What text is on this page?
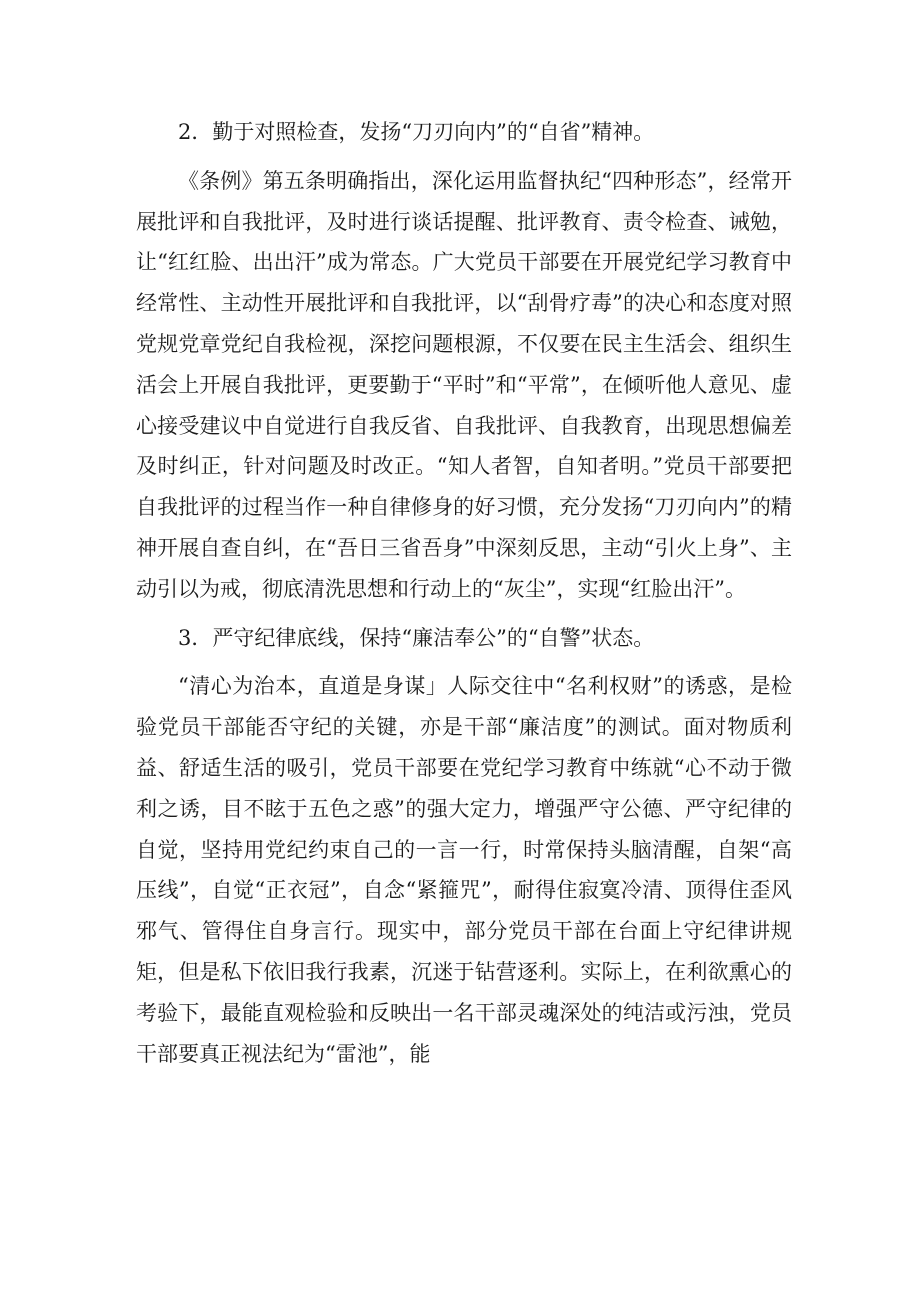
2．勤于对照检查，发扬“刀刃向内”的“自省”精神。

《条例》第五条明确指出，深化运用监督执纪“四种形态”，经常开展批评和自我批评，及时进行谈话提醒、批评教育、责令检查、诫勉，让“红红脸、出出汗”成为常态。广大党员干部要在开展党纪学习教育中经常性、主动性开展批评和自我批评，以“刮骨疗毒”的决心和态度对照党规党章党纪自我检视，深挖问题根源，不仅要在民主生活会、组织生活会上开展自我批评，更要勤于“平时”和“平常”，在倾听他人意见、虚心接受建议中自觉进行自我反省、自我批评、自我教育，出现思想偏差及时纠正，针对问题及时改正。“知人者智，自知者明。”党员干部要把自我批评的过程当作一种自律修身的好习惯，充分发扬“刀刃向内”的精神开展自查自纠，在“吾日三省吾身”中深刻反思，主动“引火上身”、主动引以为戒，彻底清洗思想和行动上的“灰尘”，实现“红脸出汗”。

3．严守纪律底线，保持“廉洁奉公”的“自警”状态。

“清心为治本，直道是身谋」人际交往中“名利权财”的诱惑，是检验党员干部能否守纪的关键，亦是干部“廉洁度”的测试。面对物质利益、舒适生活的吸引，党员干部要在党纪学习教育中练就“心不动于微利之诱，目不眩于五色之惑”的强大定力，增强严守公德、严守纪律的自觉，坚持用党纪约束自己的一言一行，时常保持头脑清醒，自架“高压线”，自觉“正衣冠”，自念“紧箍咒”，耐得住寂寞冷清、顶得住歪风邪气、管得住自身言行。现实中，部分党员干部在台面上守纪律讲规矩，但是私下依旧我行我素，沉迷于钻营逐利。实际上，在利欲熏心的考验下，最能直观检验和反映出一名干部灵魂深处的纯洁或污浊，党员干部要真正视法纪为“雷池”，能
